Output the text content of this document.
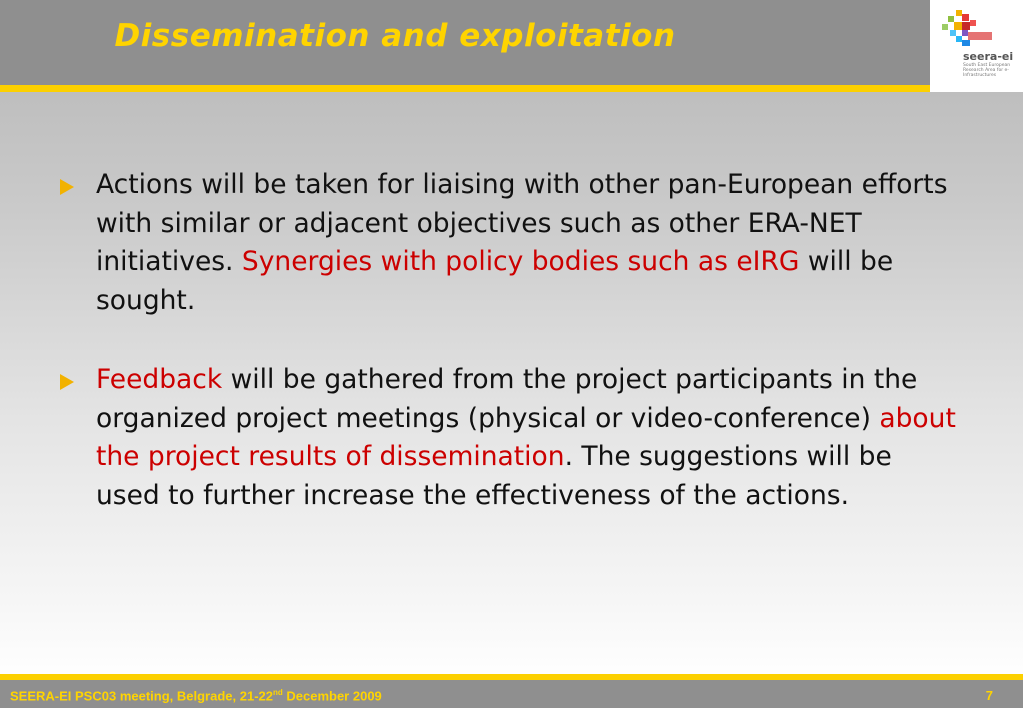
Dissemination and exploitation
seera-ei
South East European Research Area for e-Infrastructures
Actions will be taken for liaising with other pan-European efforts with similar or adjacent objectives such as other ERA-NET initiatives. Synergies with policy bodies such as eIRG will be sought.
Feedback will be gathered from the project participants in the organized project meetings (physical or video-conference) about the project results of dissemination. The suggestions will be used to further increase the effectiveness of the actions.
SEERA-EI PSC03 meeting, Belgrade, 21-22nd December 2009	7
